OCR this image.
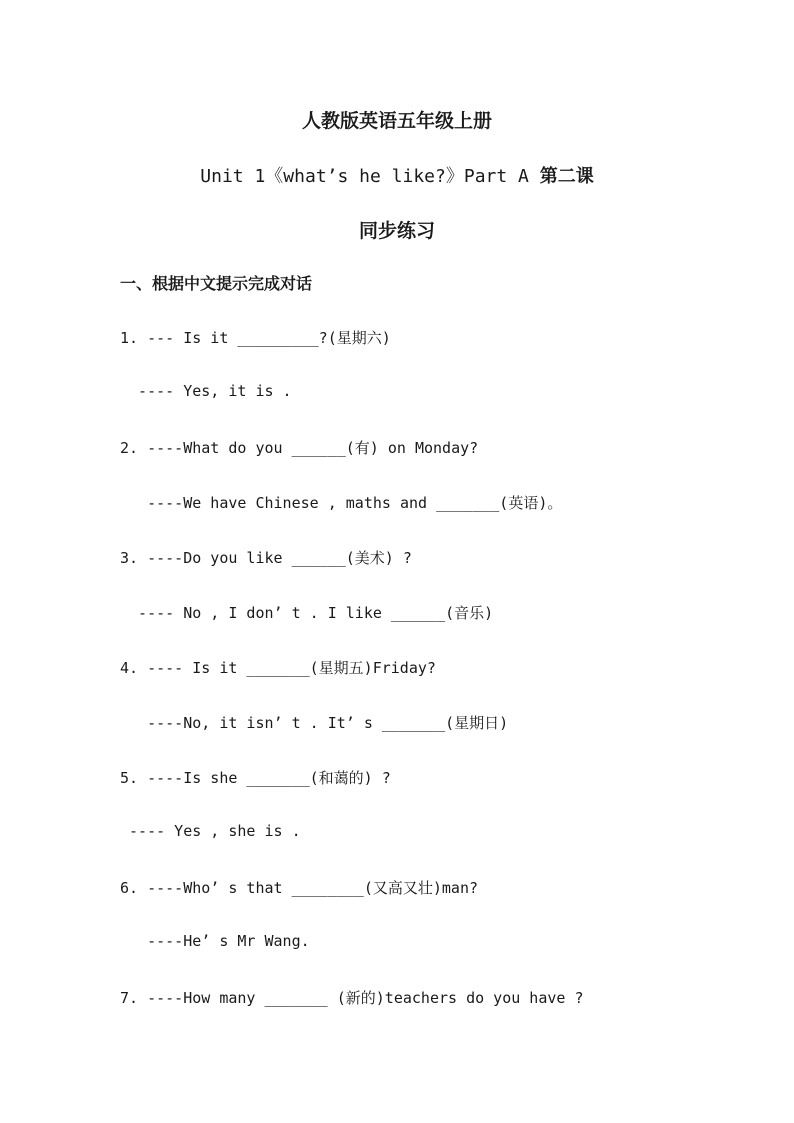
人教版英语五年级上册
Unit 1《what’s he like?》Part A 第二课
同步练习
一、根据中文提示完成对话
1. --- Is it _________?(星期六)
---- Yes, it is .
2. ----What do you ______(有) on Monday?
----We have Chinese , maths and _______(英语)。
3. ----Do you like ______(美术) ?
---- No , I don’ t . I like ______(音乐)
4. ---- Is it _______(星期五)Friday?
----No, it isn’ t . It’ s _______(星期日)
5. ----Is she _______(和蔼的) ?
---- Yes , she is .
6. ----Who’ s that ________(又高又壮)man?
----He’ s Mr Wang.
7. ----How many _______ (新的)teachers do you have ?
